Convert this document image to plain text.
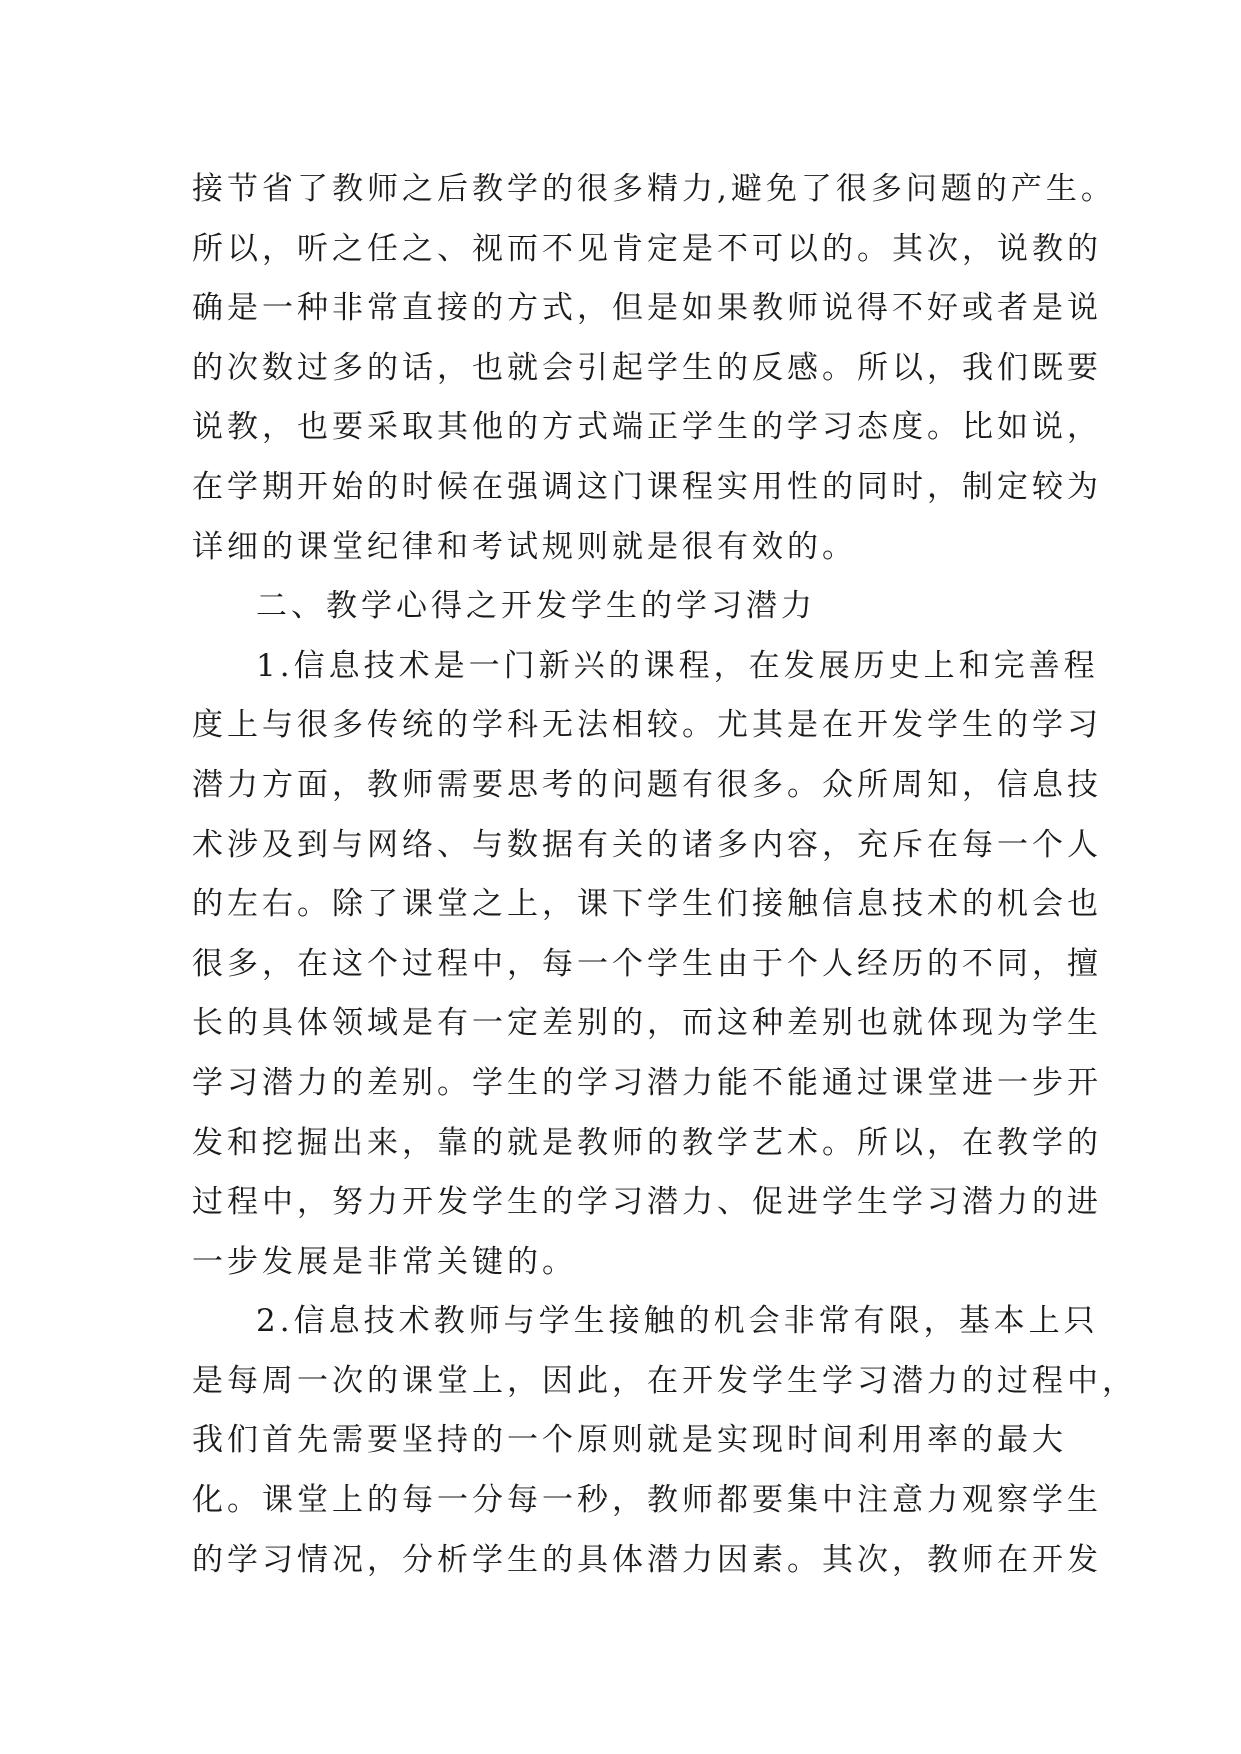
接节省了教师之后教学的很多精力,避免了很多问题的产生。
所以，听之任之、视而不见肯定是不可以的。其次，说教的
确是一种非常直接的方式，但是如果教师说得不好或者是说
的次数过多的话，也就会引起学生的反感。所以，我们既要
说教，也要采取其他的方式端正学生的学习态度。比如说，
在学期开始的时候在强调这门课程实用性的同时，制定较为
详细的课堂纪律和考试规则就是很有效的。
二、教学心得之开发学生的学习潜力
1.信息技术是一门新兴的课程，在发展历史上和完善程
度上与很多传统的学科无法相较。尤其是在开发学生的学习
潜力方面，教师需要思考的问题有很多。众所周知，信息技
术涉及到与网络、与数据有关的诸多内容，充斥在每一个人
的左右。除了课堂之上，课下学生们接触信息技术的机会也
很多，在这个过程中，每一个学生由于个人经历的不同，擅
长的具体领域是有一定差别的，而这种差别也就体现为学生
学习潜力的差别。学生的学习潜力能不能通过课堂进一步开
发和挖掘出来，靠的就是教师的教学艺术。所以，在教学的
过程中，努力开发学生的学习潜力、促进学生学习潜力的进
一步发展是非常关键的。
2.信息技术教师与学生接触的机会非常有限，基本上只
是每周一次的课堂上，因此，在开发学生学习潜力的过程中，
我们首先需要坚持的一个原则就是实现时间利用率的最大
化。课堂上的每一分每一秒，教师都要集中注意力观察学生
的学习情况，分析学生的具体潜力因素。其次，教师在开发
